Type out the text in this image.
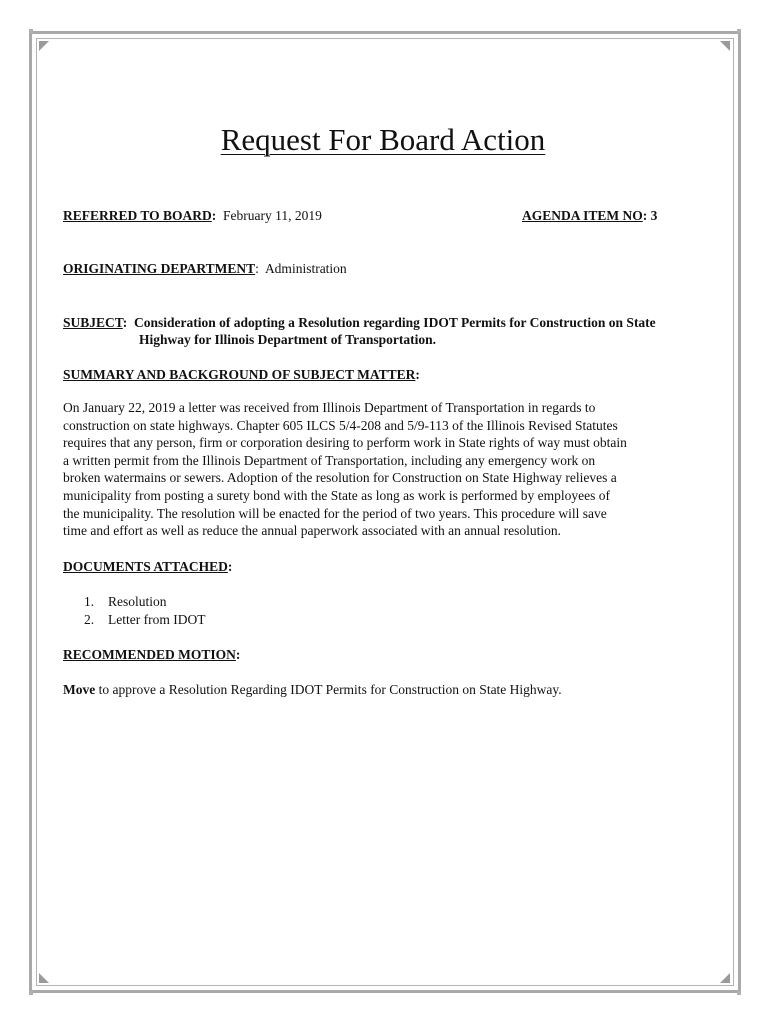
Request For Board Action
REFERRED TO BOARD: February 11, 2019	AGENDA ITEM NO: 3
ORIGINATING DEPARTMENT:  Administration
SUBJECT: Consideration of adopting a Resolution regarding IDOT Permits for Construction on State
Highway for Illinois Department of Transportation.
SUMMARY AND BACKGROUND OF SUBJECT MATTER:
On January 22, 2019 a letter was received from Illinois Department of Transportation in regards to
construction on state highways. Chapter 605 ILCS 5/4-208 and 5/9-113 of the Illinois Revised Statutes
requires that any person, firm or corporation desiring to perform work in State rights of way must obtain
a written permit from the Illinois Department of Transportation, including any emergency work on
broken watermains or sewers. Adoption of the resolution for Construction on State Highway relieves a
municipality from posting a surety bond with the State as long as work is performed by employees of
the municipality. The resolution will be enacted for the period of two years. This procedure will save
time and effort as well as reduce the annual paperwork associated with an annual resolution.
DOCUMENTS ATTACHED:
1. Resolution
2. Letter from IDOT
RECOMMENDED MOTION:
Move to approve a Resolution Regarding IDOT Permits for Construction on State Highway.
